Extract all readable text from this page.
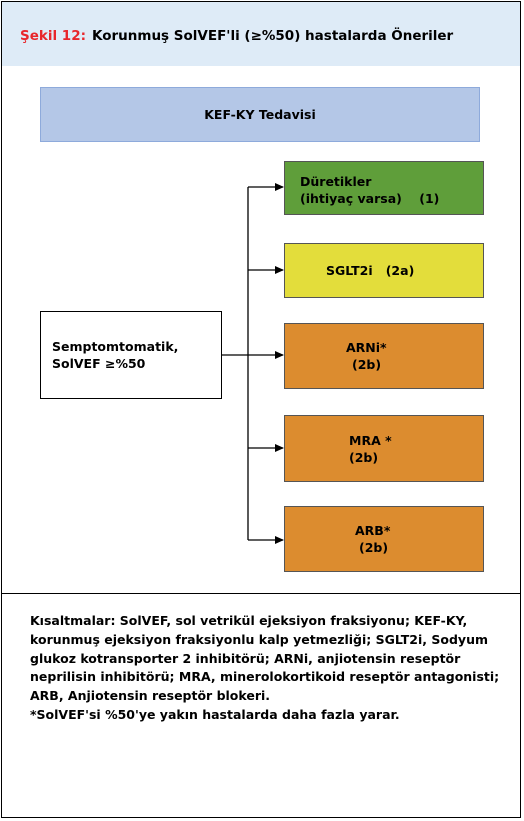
Şekil 12: Korunmuş SolVEF'li (≥%50) hastalarda Öneriler
KEF-KY Tedavisi
Semptomtomatik,
SolVEF ≥%50
Düretikler
(ihtiyaç varsa)    (1)
SGLT2i   (2a)
ARNi*
(2b)
MRA *
(2b)
ARB*
(2b)

Kısaltmalar: SolVEF, sol vetrikül ejeksiyon fraksiyonu; KEF-KY, korunmuş ejeksiyon fraksiyonlu kalp yetmezliği; SGLT2i, Sodyum glukoz kotransporter 2 inhibitörü; ARNi, anjiotensin reseptör neprilisin inhibitörü; MRA, minerolokortikoid reseptör antagonisti; ARB, Anjiotensin reseptör blokeri.

*SolVEF'si %50'ye yakın hastalarda daha fazla yarar.
